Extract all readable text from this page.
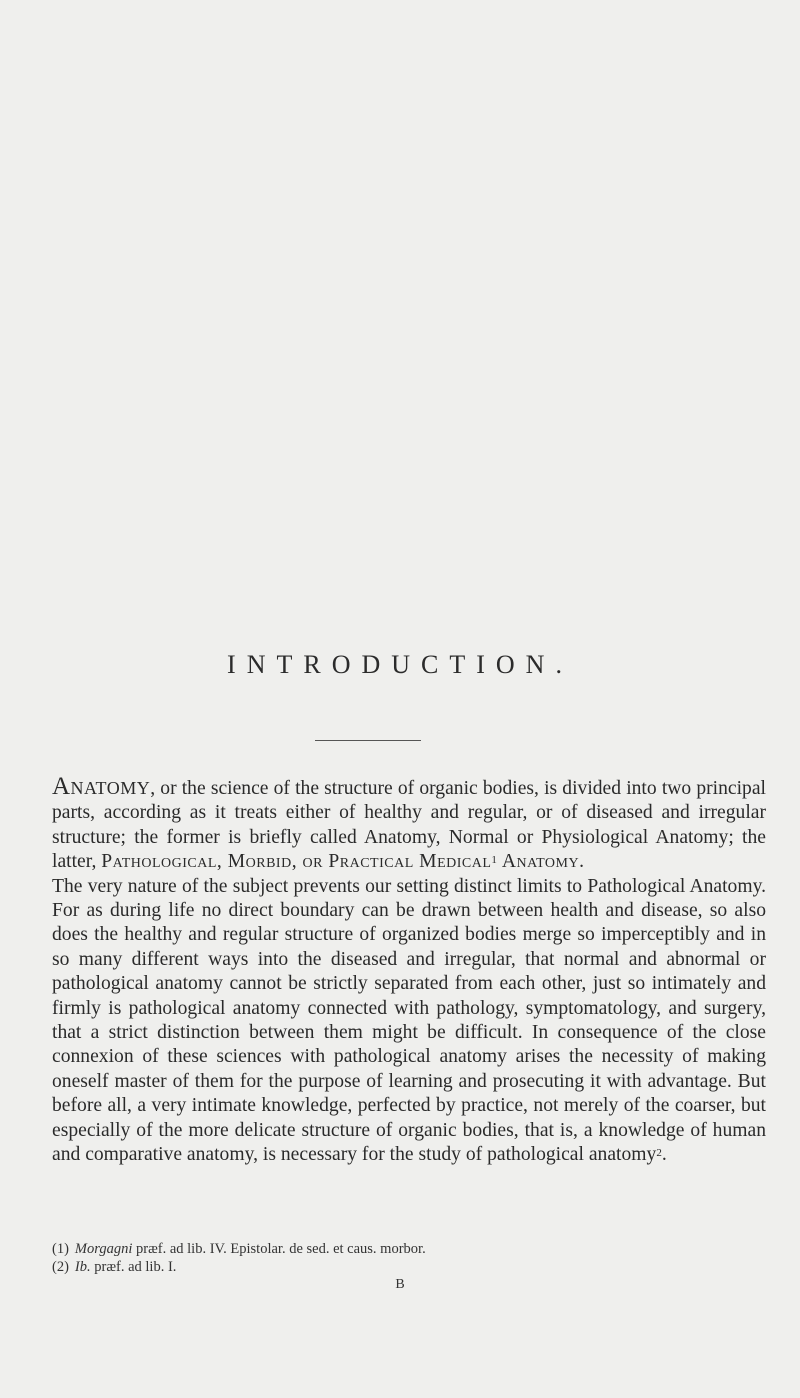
INTRODUCTION.

Anatomy, or the science of the structure of organic bodies, is divided into two principal parts, according as it treats either of healthy and regular, or of diseased and irregular structure; the former is briefly called Anatomy, Normal or Physiological Anatomy; the latter, Pathological, Morbid, or Practical Medical$^1$ Anatomy.

The very nature of the subject prevents our setting distinct limits to Pathological Anatomy. For as during life no direct boundary can be drawn between health and disease, so also does the healthy and regular structure of organized bodies merge so imperceptibly and in so many different ways into the diseased and irregular, that normal and abnormal or pathological anatomy cannot be strictly separated from each other, just so intimately and firmly is pathological anatomy connected with pathology, symptomatology, and surgery, that a strict distinction between them might be difficult. In consequence of the close connexion of these sciences with pathological anatomy arises the necessity of making oneself master of them for the purpose of learning and prosecuting it with advantage. But before all, a very intimate knowledge, perfected by practice, not merely of the coarser, but especially of the more delicate structure of organic bodies, that is, a knowledge of human and comparative anatomy, is necessary for the study of pathological anatomy$^2$.

(1) Morgagni præf. ad lib. IV. Epistolar. de sed. et caus. morbor.
(2) Ib. præf. ad lib. I.
B
